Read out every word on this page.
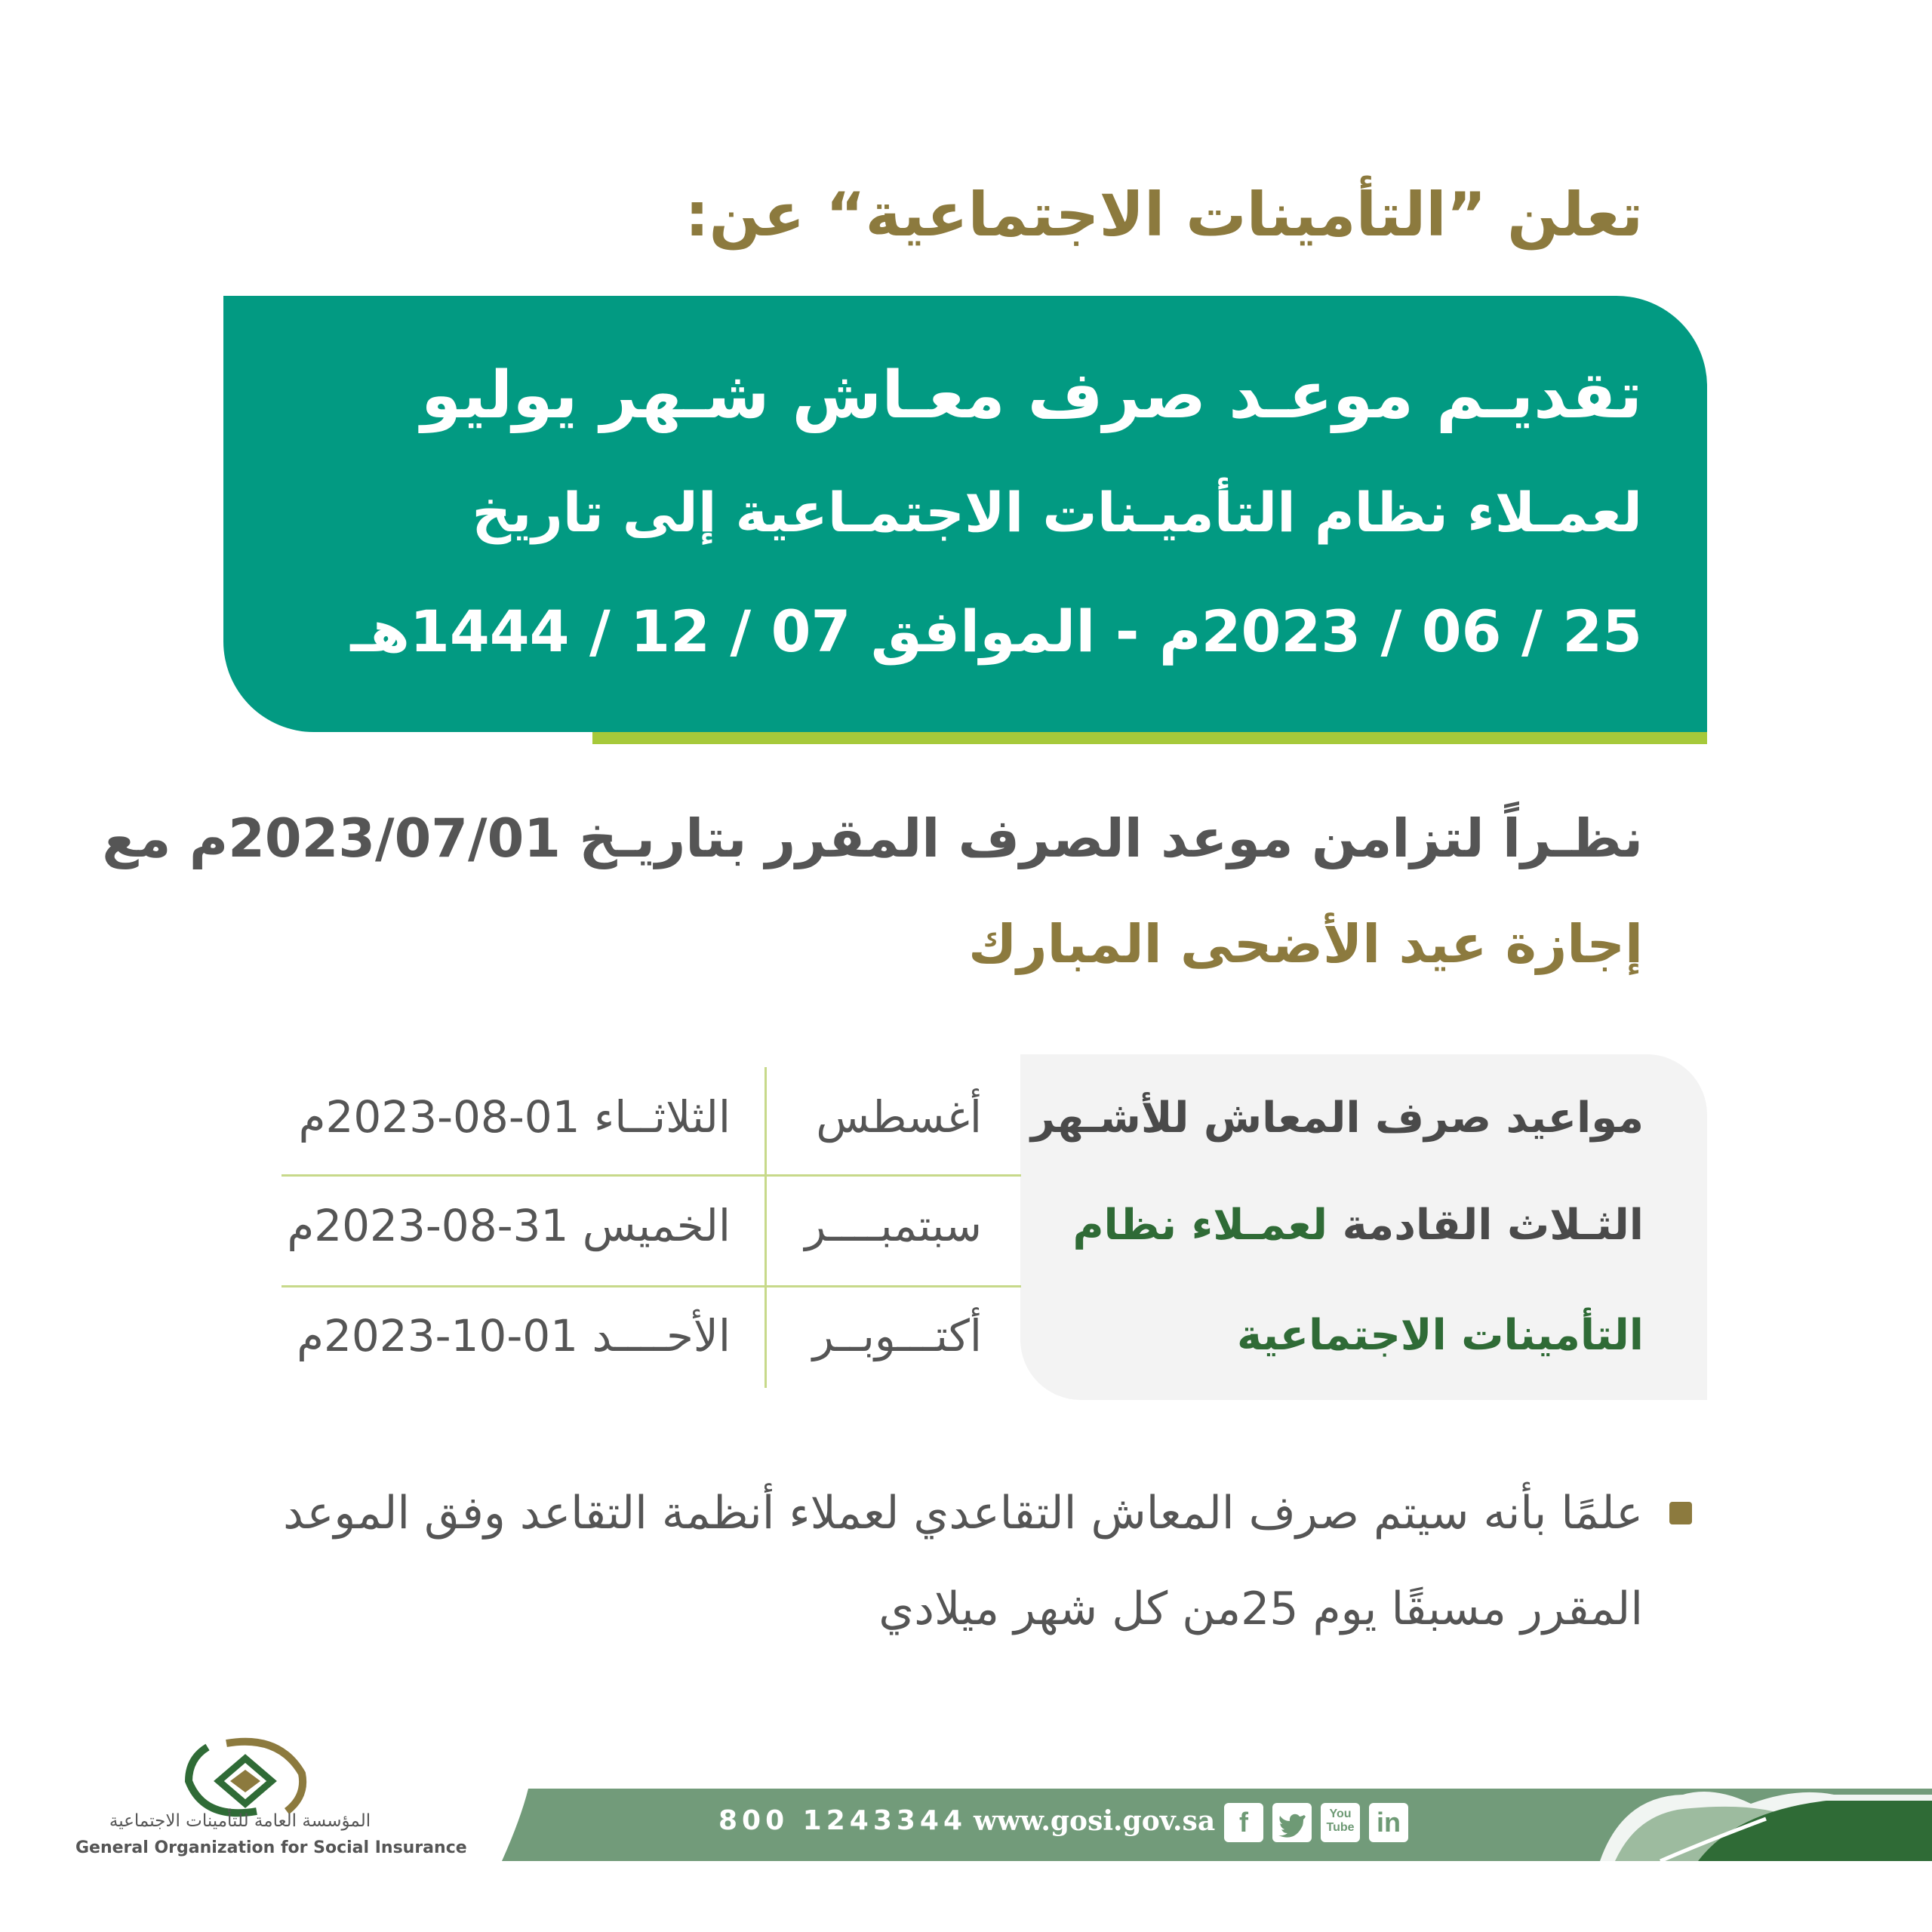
تعلن ”التأمينات الاجتماعية“ عن:
تقديـم موعـد صرف معـاش شـهر يوليو
لعمـلاء نظام التأميـنات الاجتمـاعية إلى تاريخ
25 / 06 / 2023م - الموافق 07 / 12 / 1444هـ
نظـراً لتزامن موعد الصرف المقرر بتاريـخ 2023/07/01م مع
إجازة عيد الأضحى المبارك
مواعيد صرف المعاش للأشـهر
الثـلاث القادمة لعمـلاء نظام
التأمينات الاجتماعية
أغسطس
الثلاثــاء 01-08-2023م
سبتمبــــر
الخميس 31-08-2023م
أكتـــوبــر
الأحــــد 01-10-2023م
علمًا بأنه سيتم صرف المعاش التقاعدي لعملاء أنظمة التقاعد وفق الموعد
المقرر مسبقًا يوم 25من كل شهر ميلادي
المؤسسة العامة للتأمينات الاجتماعية
General Organization for Social Insurance
800 1243344 www.gosi.gov.sa f	You
Tube in
